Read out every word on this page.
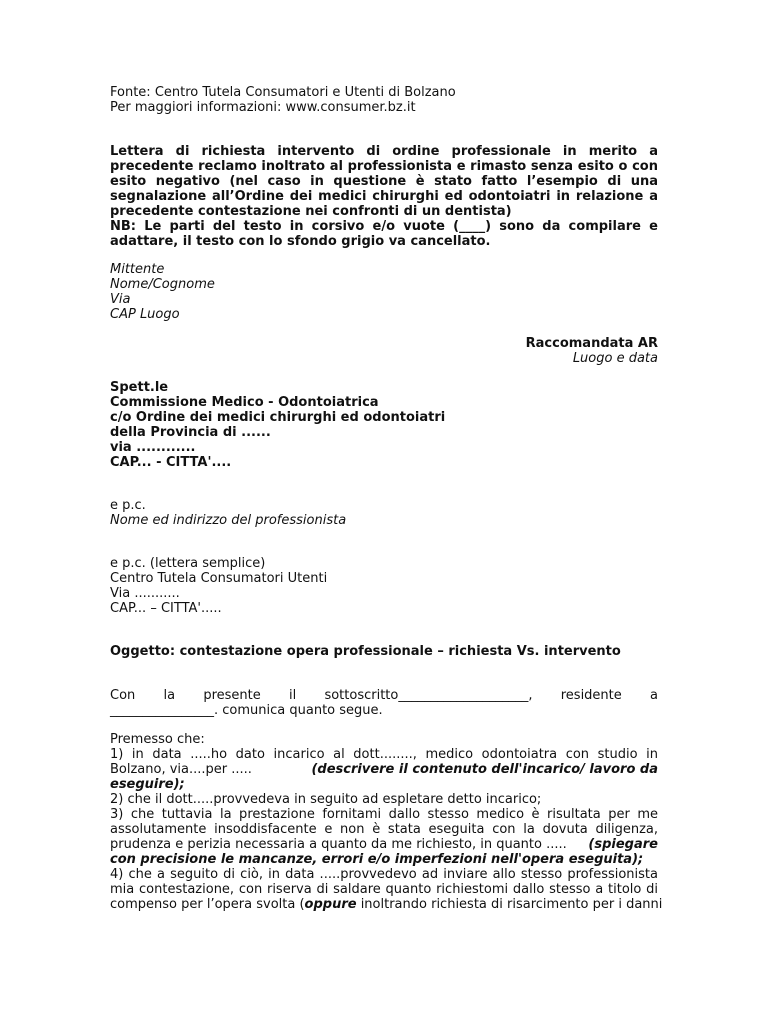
Fonte: Centro Tutela Consumatori e Utenti di Bolzano
Per maggiori informazioni: www.consumer.bz.it
Lettera di richiesta intervento di ordine professionale in merito a
precedente reclamo inoltrato al professionista e rimasto senza esito o con
esito negativo (nel caso in questione è stato fatto l’esempio di una
segnalazione all’Ordine dei medici chirurghi ed odontoiatri in relazione a
precedente contestazione nei confronti di un dentista)
NB: Le parti del testo in corsivo e/o vuote (____) sono da compilare e
adattare, il testo con lo sfondo grigio va cancellato.
Mittente
Nome/Cognome
Via
CAP Luogo
Raccomandata AR
Luogo e data
Spett.le
Commissione Medico - Odontoiatrica
c/o Ordine dei medici chirurghi ed odontoiatri
della Provincia di ......
via ............
CAP... - CITTA'....
e p.c.
Nome ed indirizzo del professionista
e p.c. (lettera semplice)
Centro Tutela Consumatori Utenti
Via ...........
CAP... – CITTA'.....
Oggetto: contestazione opera professionale – richiesta Vs. intervento
Con la presente il sottoscritto____________________, residente a
________________. comunica quanto segue.
Premesso che:
1) in data .....ho dato incarico al dott........, medico odontoiatra con studio in
Bolzano, via....per .....	(descrivere il contenuto dell'incarico/ lavoro da
eseguire);
2) che il dott.....provvedeva in seguito ad espletare detto incarico;
3) che tuttavia la prestazione fornitami dallo stesso medico è risultata per me
assolutamente insoddisfacente e non è stata eseguita con la dovuta diligenza,
prudenza e perizia necessaria a quanto da me richiesto, in quanto ..... (spiegare
con precisione le mancanze, errori e/o imperfezioni nell'opera eseguita);
4) che a seguito di ciò, in data .....provvedevo ad inviare allo stesso professionista
mia contestazione, con riserva di saldare quanto richiestomi dallo stesso a titolo di
compenso per l’opera svolta (oppure inoltrando richiesta di risarcimento per i danni
